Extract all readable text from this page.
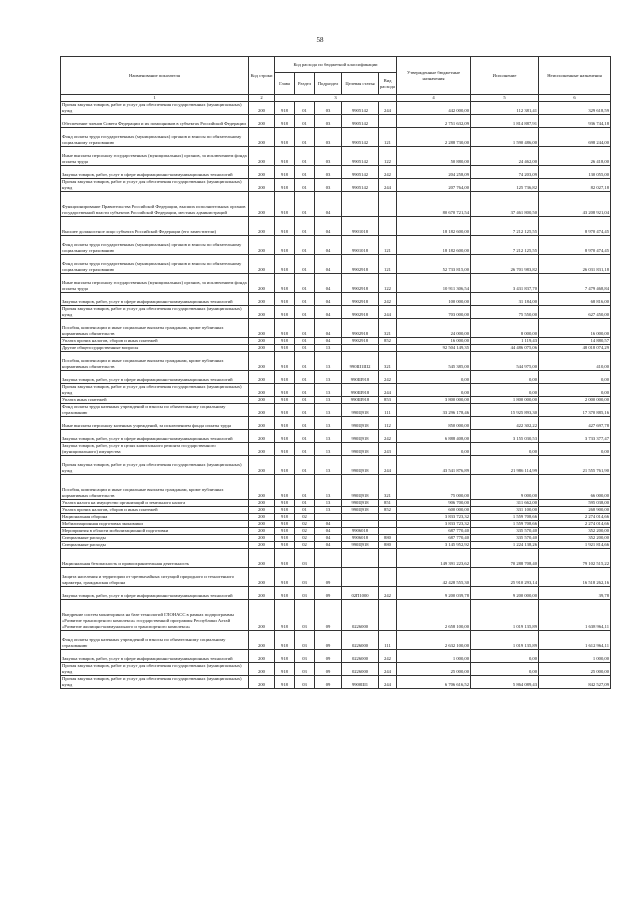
58
Наименование показателя	Код строки	Код расхода по бюджетной классификации					Утвержденные бюджетные назначения	Исполнение	Неисполненные назначения
		Глава	Раздел	Подраздел	Целевая статья	Вид расхода			
1	2	3					4	5	6
Прочая закупка товаров, работ и услуг для обеспечения государственных (муниципальных) нужд	200	918	01	03	9905142	244	442 000,00	112 381,41	329 618,59
Обеспечение членов Совета Федерации и их помощников в субъектах Российской Федерации	200	918	01	03	9905142		2 751 632,09	1 814 887,91	936 744,18
Фонд оплаты труда государственных (муниципальных) органов и взносы по обязательному социальному страхованию	200	918	01	03	9905142	121	2 288 730,00	1 590 486,00	698 244,00
Иные выплаты персоналу государственных (муниципальных) органов, за исключением фонда оплаты труда	200	918	01	03	9905142	122	50 880,00	24 462,00	26 418,00
Закупка товаров, работ, услуг в сфере информационно-коммуникационных технологий	200	918	01	03	9905142	242	204 258,09	74 203,09	130 055,00
Прочая закупка товаров, работ и услуг для обеспечения государственных (муниципальных) нужд	200	918	01	03	9905142	244	207 764,00	125 736,82	82 027,18
Функционирование Правительства Российской Федерации, высших исполнительных органов государственной власти субъектов Российской Федерации, местных администраций	200	918	01	04			80 670 721,54	37 461 800,50	43 208 921,04
Высшее должностное лицо субъекта Российской Федерации (его заместители)	200	918	01	04	9901018		18 182 600,00	7 212 125,55	8 970 474,45
Фонд оплаты труда государственных (муниципальных) органов и взносы по обязательному социальному страхованию	200	918	01	04	9901018	121	18 182 600,00	7 212 125,55	8 970 474,45
Фонд оплаты труда государственных (муниципальных) органов и взносы по обязательному социальному страхованию	200	918	01	04	9902918	121	52 733 815,00	26 701 983,82	26 031 831,18
Иные выплаты персоналу государственных (муниципальных) органов, за исключением фонда оплаты труда	200	918	01	04	9902918	122	10 911 306,54	3 431 837,70	7 479 468,84
Закупка товаров, работ, услуг в сфере информационно-коммуникационных технологий	200	918	01	04	9902918	242	100 000,00	31 184,00	68 816,00
Прочая закупка товаров, работ и услуг для обеспечения государственных (муниципальных) нужд	200	918	01	04	9902918	244	703 000,00	75 550,00	627 450,00
Пособия, компенсации и иные социальные выплаты гражданам, кроме публичных нормативных обязательств	200	918	01	04	9902918	321	24 000,00	8 000,00	16 000,00
Уплата прочих налогов, сборов и иных платежей	200	918	01	04	9902918	852	16 000,00	1 119,43	14 880,57
Другие общегосударственные вопросы	200	918	01	13			92 504 149,35	44 486 075,06	48 018 074,29
Пособия, компенсации и иные социальные выплаты гражданам, кроме публичных нормативных обязательств	200	918	01	13	990Ш1Ш2	321	545 385,00	544 975,00	410,00
Закупка товаров, работ, услуг в сфере информационно-коммуникационных технологий	200	918	01	13	990Ш918	242	0,00	0,00	0,00
Прочая закупка товаров, работ и услуг для обеспечения государственных (муниципальных) нужд	200	918	01	13	990Ш918	244	0,00	0,00	0,00
Уплата иных платежей	200	918	01	13	990Ш918	853	3 800 000,00	1 800 000,00	2 000 000,00
Фонд оплаты труда казенных учреждений и взносы по обязательному социальному страхованию	200	918	01	13	990Ц918	111	33 296 178,46	15 925 893,30	17 370 885,16
Иные выплаты персоналу казенных учреждений, за исключением фонда оплаты труда	200	918	01	13	990Ц918	112	850 000,00	422 302,22	427 697,78
Закупка товаров, работ, услуг в сфере информационно-коммуникационных технологий	200	918	01	13	990Ц918	242	6 888 408,00	3 155 030,53	3 733 377,47
Закупка товаров, работ, услуг в целях капитального ремонта государственного (муниципального) имущества	200	918	01	13	990Ц918	243	0,00	0,00	0,00
Прочая закупка товаров, работ и услуг для обеспечения государственных (муниципальных) нужд	200	918	01	13	990Ц918	244	43 541 876,89	21 986 114,99	21 555 761,90
Пособия, компенсации и иные социальные выплаты гражданам, кроме публичных нормативных обязательств	200	918	01	13	990Ц918	321	75 000,00	9 000,00	66 000,00
Уплата налога на имущество организаций и земельного налога	200	918	01	13	990Ц918	851	906 700,00	311 662,00	595 038,00
Уплата прочих налогов, сборов и иных платежей	200	918	01	13	990Ц918	852	600 000,00	331 100,00	268 900,00
Национальная оборона	200	918	02				3 833 723,32	1 559 708,66	2 274 014,66
Мобилизационная подготовка экономики	200	918	02	04			3 833 723,32	1 559 708,66	2 274 014,66
Мероприятия в области мобилизационной подготовки	200	918	02	04	9906018		687 770,40	335 570,40	352 200,00
Специальные расходы	200	918	02	04	9906018	880	687 770,40	335 570,40	352 200,00
Специальные расходы	200	918	02	04	990Ц918	880	3 145 952,92	1 224 138,26	1 921 814,66
Национальная безопасность и правоохранительная деятельность	200	918	03				149 391 223,62	70 288 708,40	79 102 515,22
Защита населения и территории от чрезвычайных ситуаций природного и техногенного характера, гражданская оборона	200	918	03	09			42 428 555,30	25 910 293,14	16 518 262,16
Закупка товаров, работ, услуг в сфере информационно-коммуникационных технологий	200	918	03	09	02П1000	242	9 200 039,78	9 200 000,00	39,78
Внедрение систем мониторинга на базе технологий ГЛОНАСС в рамках подпрограммы «Развитие транспортного комплекса» государственной программы Республики Алтай «Развитие жилищно-коммунального и транспортного комплекса»	200	918	03	09	0226000		2 658 100,00	1 019 135,89	1 638 964,11
Фонд оплаты труда казенных учреждений и взносы по обязательному социальному страхованию	200	918	03	09	0226000	111	2 632 100,00	1 019 135,89	1 612 964,11
Закупка товаров, работ, услуг в сфере информационно-коммуникационных технологий	200	918	03	09	0226000	242	1 000,00	0,00	1 000,00
Прочая закупка товаров, работ и услуг для обеспечения государственных (муниципальных) нужд	200	918	03	09	0226000	244	25 000,00	0,00	25 000,00
Прочая закупка товаров, работ и услуг для обеспечения государственных (муниципальных) нужд	200	918	03	09	9900Ш1	244	6 706 616,52	5 864 089,43	842 527,09
